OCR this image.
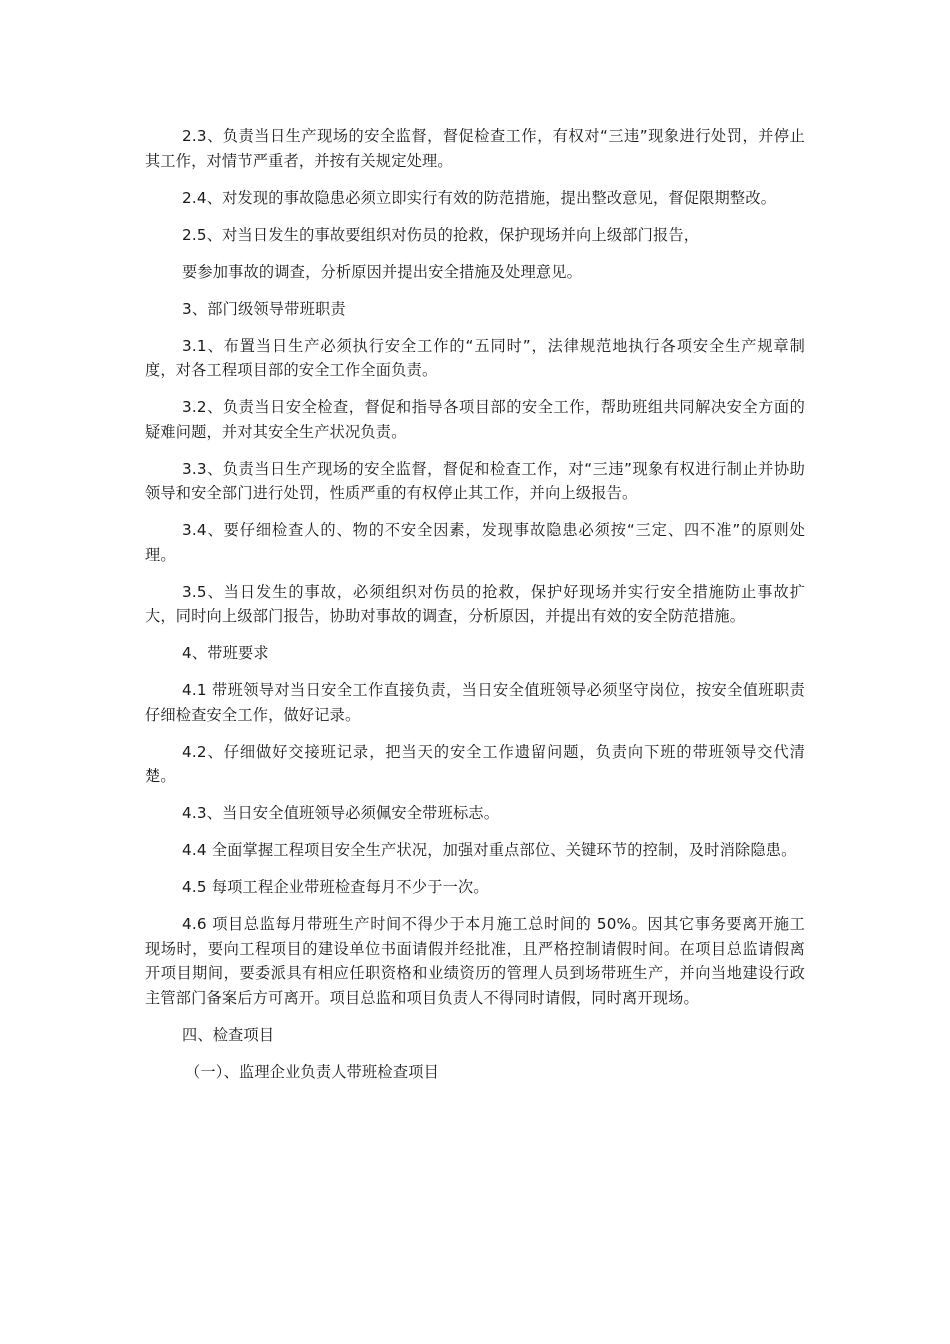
2.3、负责当日生产现场的安全监督，督促检查工作，有权对“三违”现象进行处罚，并停止其工作，对情节严重者，并按有关规定处理。

2.4、对发现的事故隐患必须立即实行有效的防范措施，提出整改意见，督促限期整改。

2.5、对当日发生的事故要组织对伤员的抢救，保护现场并向上级部门报告，

要参加事故的调查，分析原因并提出安全措施及处理意见。

3、部门级领导带班职责

3.1、布置当日生产必须执行安全工作的“五同时”，法律规范地执行各项安全生产规章制度，对各工程项目部的安全工作全面负责。

3.2、负责当日安全检查，督促和指导各项目部的安全工作，帮助班组共同解决安全方面的疑难问题，并对其安全生产状况负责。

3.3、负责当日生产现场的安全监督，督促和检查工作，对“三违”现象有权进行制止并协助领导和安全部门进行处罚，性质严重的有权停止其工作，并向上级报告。

3.4、要仔细检查人的、物的不安全因素，发现事故隐患必须按“三定、四不准”的原则处理。

3.5、当日发生的事故，必须组织对伤员的抢救，保护好现场并实行安全措施防止事故扩大，同时向上级部门报告，协助对事故的调查，分析原因，并提出有效的安全防范措施。

4、带班要求

4.1 带班领导对当日安全工作直接负责，当日安全值班领导必须坚守岗位，按安全值班职责仔细检查安全工作，做好记录。

4.2、仔细做好交接班记录，把当天的安全工作遗留问题，负责向下班的带班领导交代清楚。

4.3、当日安全值班领导必须佩安全带班标志。

4.4 全面掌握工程项目安全生产状况，加强对重点部位、关键环节的控制，及时消除隐患。

4.5 每项工程企业带班检查每月不少于一次。

4.6 项目总监每月带班生产时间不得少于本月施工总时间的 50%。因其它事务要离开施工现场时，要向工程项目的建设单位书面请假并经批准，且严格控制请假时间。在项目总监请假离开项目期间，要委派具有相应任职资格和业绩资历的管理人员到场带班生产，并向当地建设行政主管部门备案后方可离开。项目总监和项目负责人不得同时请假，同时离开现场。

四、检查项目

（一）、监理企业负责人带班检查项目
